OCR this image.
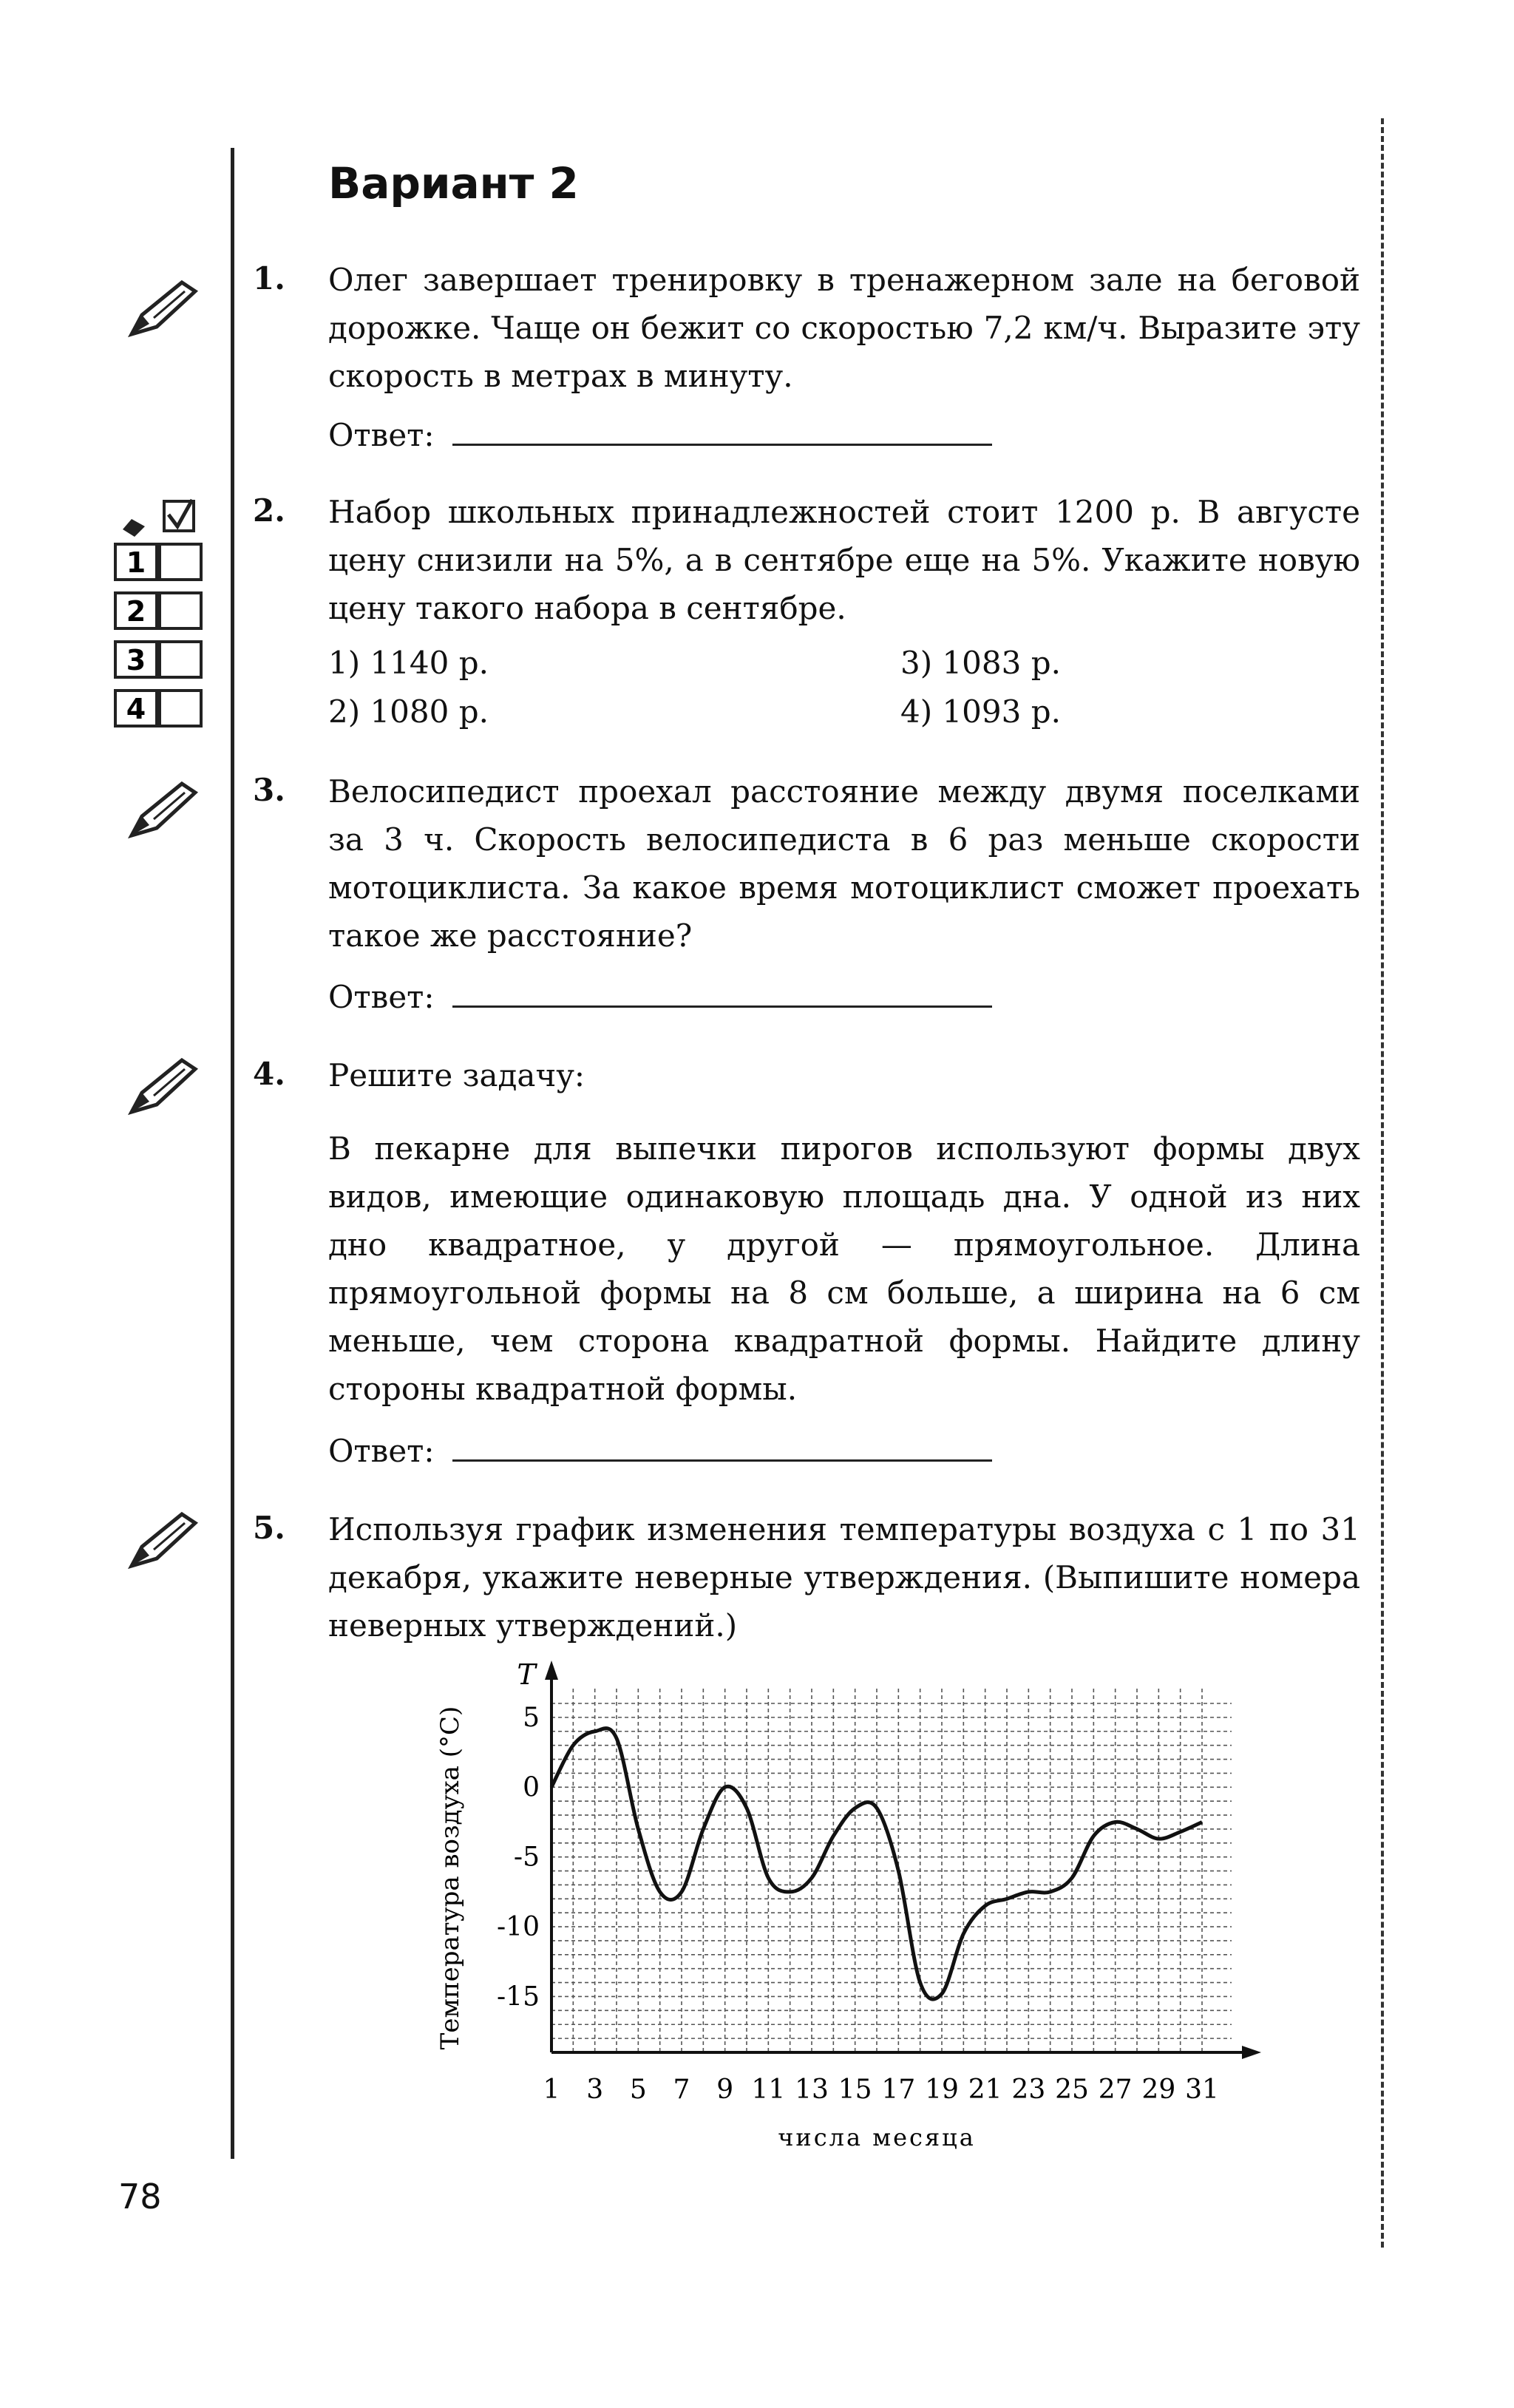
Вариант 2
1. Олег завершает тренировку в тренажерном зале на беговой дорожке. Чаще он бежит со скоростью 7,2 км/ч. Выразите эту скорость в метрах в минуту.

Ответ:
1
2
3
4
2. Набор школьных принадлежностей стоит 1200 р. В августе цену снизили на 5%, а в сентябре еще на 5%. Укажите новую цену такого набора в сентябре.

1) 1140 р.
2) 1080 р.
3) 1083 р.
4) 1093 р.
3. Велосипедист проехал расстояние между двумя поселками за 3 ч. Скорость велосипедиста в 6 раз меньше скорости мотоциклиста. За какое время мотоциклист сможет проехать такое же расстояние?

Ответ:
4. Решите задачу:

В пекарне для выпечки пирогов используют формы двух видов, имеющие одинаковую площадь дна. У одной из них дно квадратное, у другой — прямоугольное. Длина прямоугольной формы на 8 см больше, а ширина на 6 см меньше, чем сторона квадратной формы. Найдите длину стороны квадратной формы.

Ответ:
5. Используя график изменения температуры воздуха с 1 по 31 декабря, укажите неверные утверждения. (Выпишите номера неверных утверждений.)

1 3 5 7 9 11 13 15 17 19 21 23 25 27 29 31
5
0
-5
-10
-15
T
Температура воздуха (°С)
числа месяца
78
